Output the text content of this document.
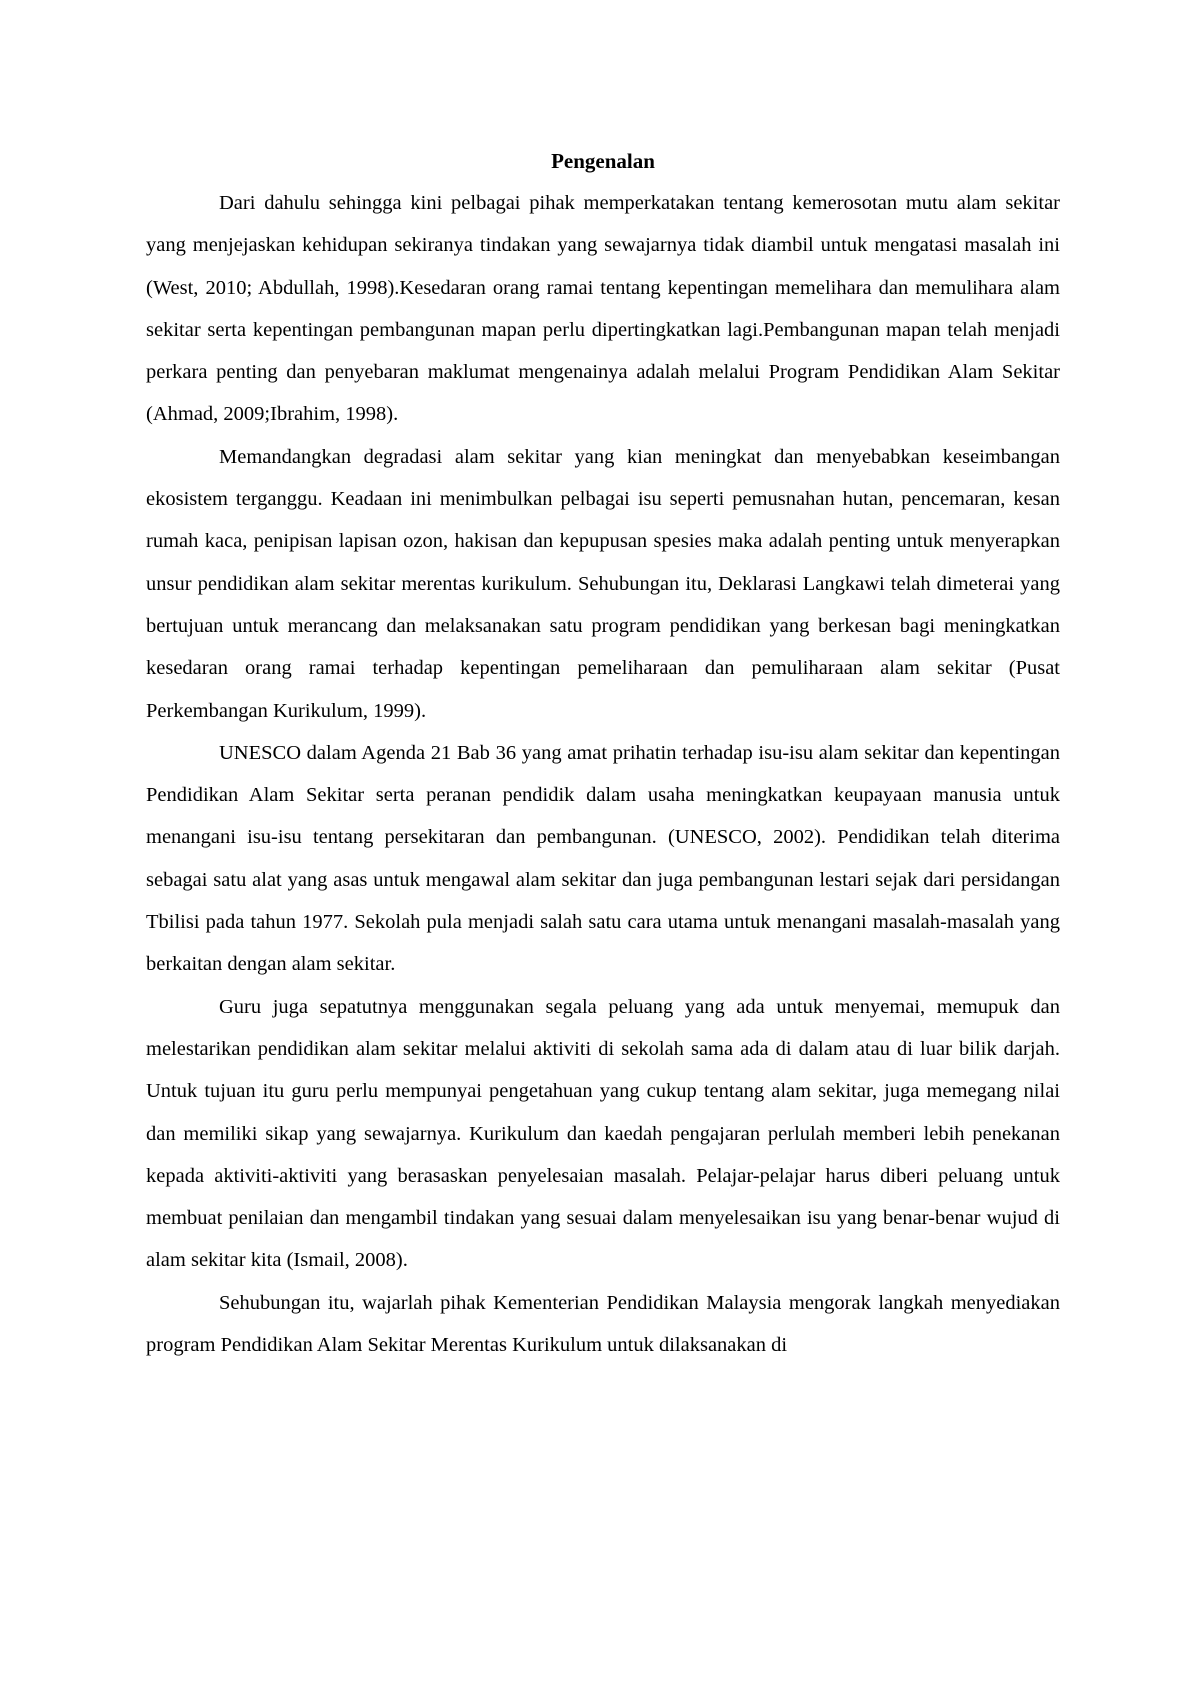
Pengenalan

Dari dahulu sehingga kini pelbagai pihak memperkatakan tentang kemerosotan mutu alam sekitar yang menjejaskan kehidupan sekiranya tindakan yang sewajarnya tidak diambil untuk mengatasi masalah ini (West, 2010; Abdullah, 1998).Kesedaran orang ramai tentang kepentingan memelihara dan memulihara alam sekitar serta kepentingan pembangunan mapan perlu dipertingkatkan lagi.Pembangunan mapan telah menjadi perkara penting dan penyebaran maklumat mengenainya adalah melalui Program Pendidikan Alam Sekitar (Ahmad, 2009;Ibrahim, 1998).

Memandangkan degradasi alam sekitar yang kian meningkat dan menyebabkan keseimbangan ekosistem terganggu. Keadaan ini menimbulkan pelbagai isu seperti pemusnahan hutan, pencemaran, kesan rumah kaca, penipisan lapisan ozon, hakisan dan kepupusan spesies maka adalah penting untuk menyerapkan unsur pendidikan alam sekitar merentas kurikulum. Sehubungan itu, Deklarasi Langkawi telah dimeterai yang bertujuan untuk merancang dan melaksanakan satu program pendidikan yang berkesan bagi meningkatkan kesedaran orang ramai terhadap kepentingan pemeliharaan dan pemuliharaan alam sekitar (Pusat Perkembangan Kurikulum, 1999).

UNESCO dalam Agenda 21 Bab 36 yang amat prihatin terhadap isu-isu alam sekitar dan kepentingan Pendidikan Alam Sekitar serta peranan pendidik dalam usaha meningkatkan keupayaan manusia untuk menangani isu-isu tentang persekitaran dan pembangunan. (UNESCO, 2002). Pendidikan telah diterima sebagai satu alat yang asas untuk mengawal alam sekitar dan juga pembangunan lestari sejak dari persidangan Tbilisi pada tahun 1977. Sekolah pula menjadi salah satu cara utama untuk menangani masalah-masalah yang berkaitan dengan alam sekitar.

Guru juga sepatutnya menggunakan segala peluang yang ada untuk menyemai, memupuk dan melestarikan pendidikan alam sekitar melalui aktiviti di sekolah sama ada di dalam atau di luar bilik darjah. Untuk tujuan itu guru perlu mempunyai pengetahuan yang cukup tentang alam sekitar, juga memegang nilai dan memiliki sikap yang sewajarnya. Kurikulum dan kaedah pengajaran perlulah memberi lebih penekanan kepada aktiviti-aktiviti yang berasaskan penyelesaian masalah. Pelajar-pelajar harus diberi peluang untuk membuat penilaian dan mengambil tindakan yang sesuai dalam menyelesaikan isu yang benar-benar wujud di alam sekitar kita (Ismail, 2008).

Sehubungan itu, wajarlah pihak Kementerian Pendidikan Malaysia mengorak langkah menyediakan program Pendidikan Alam Sekitar Merentas Kurikulum untuk dilaksanakan di
